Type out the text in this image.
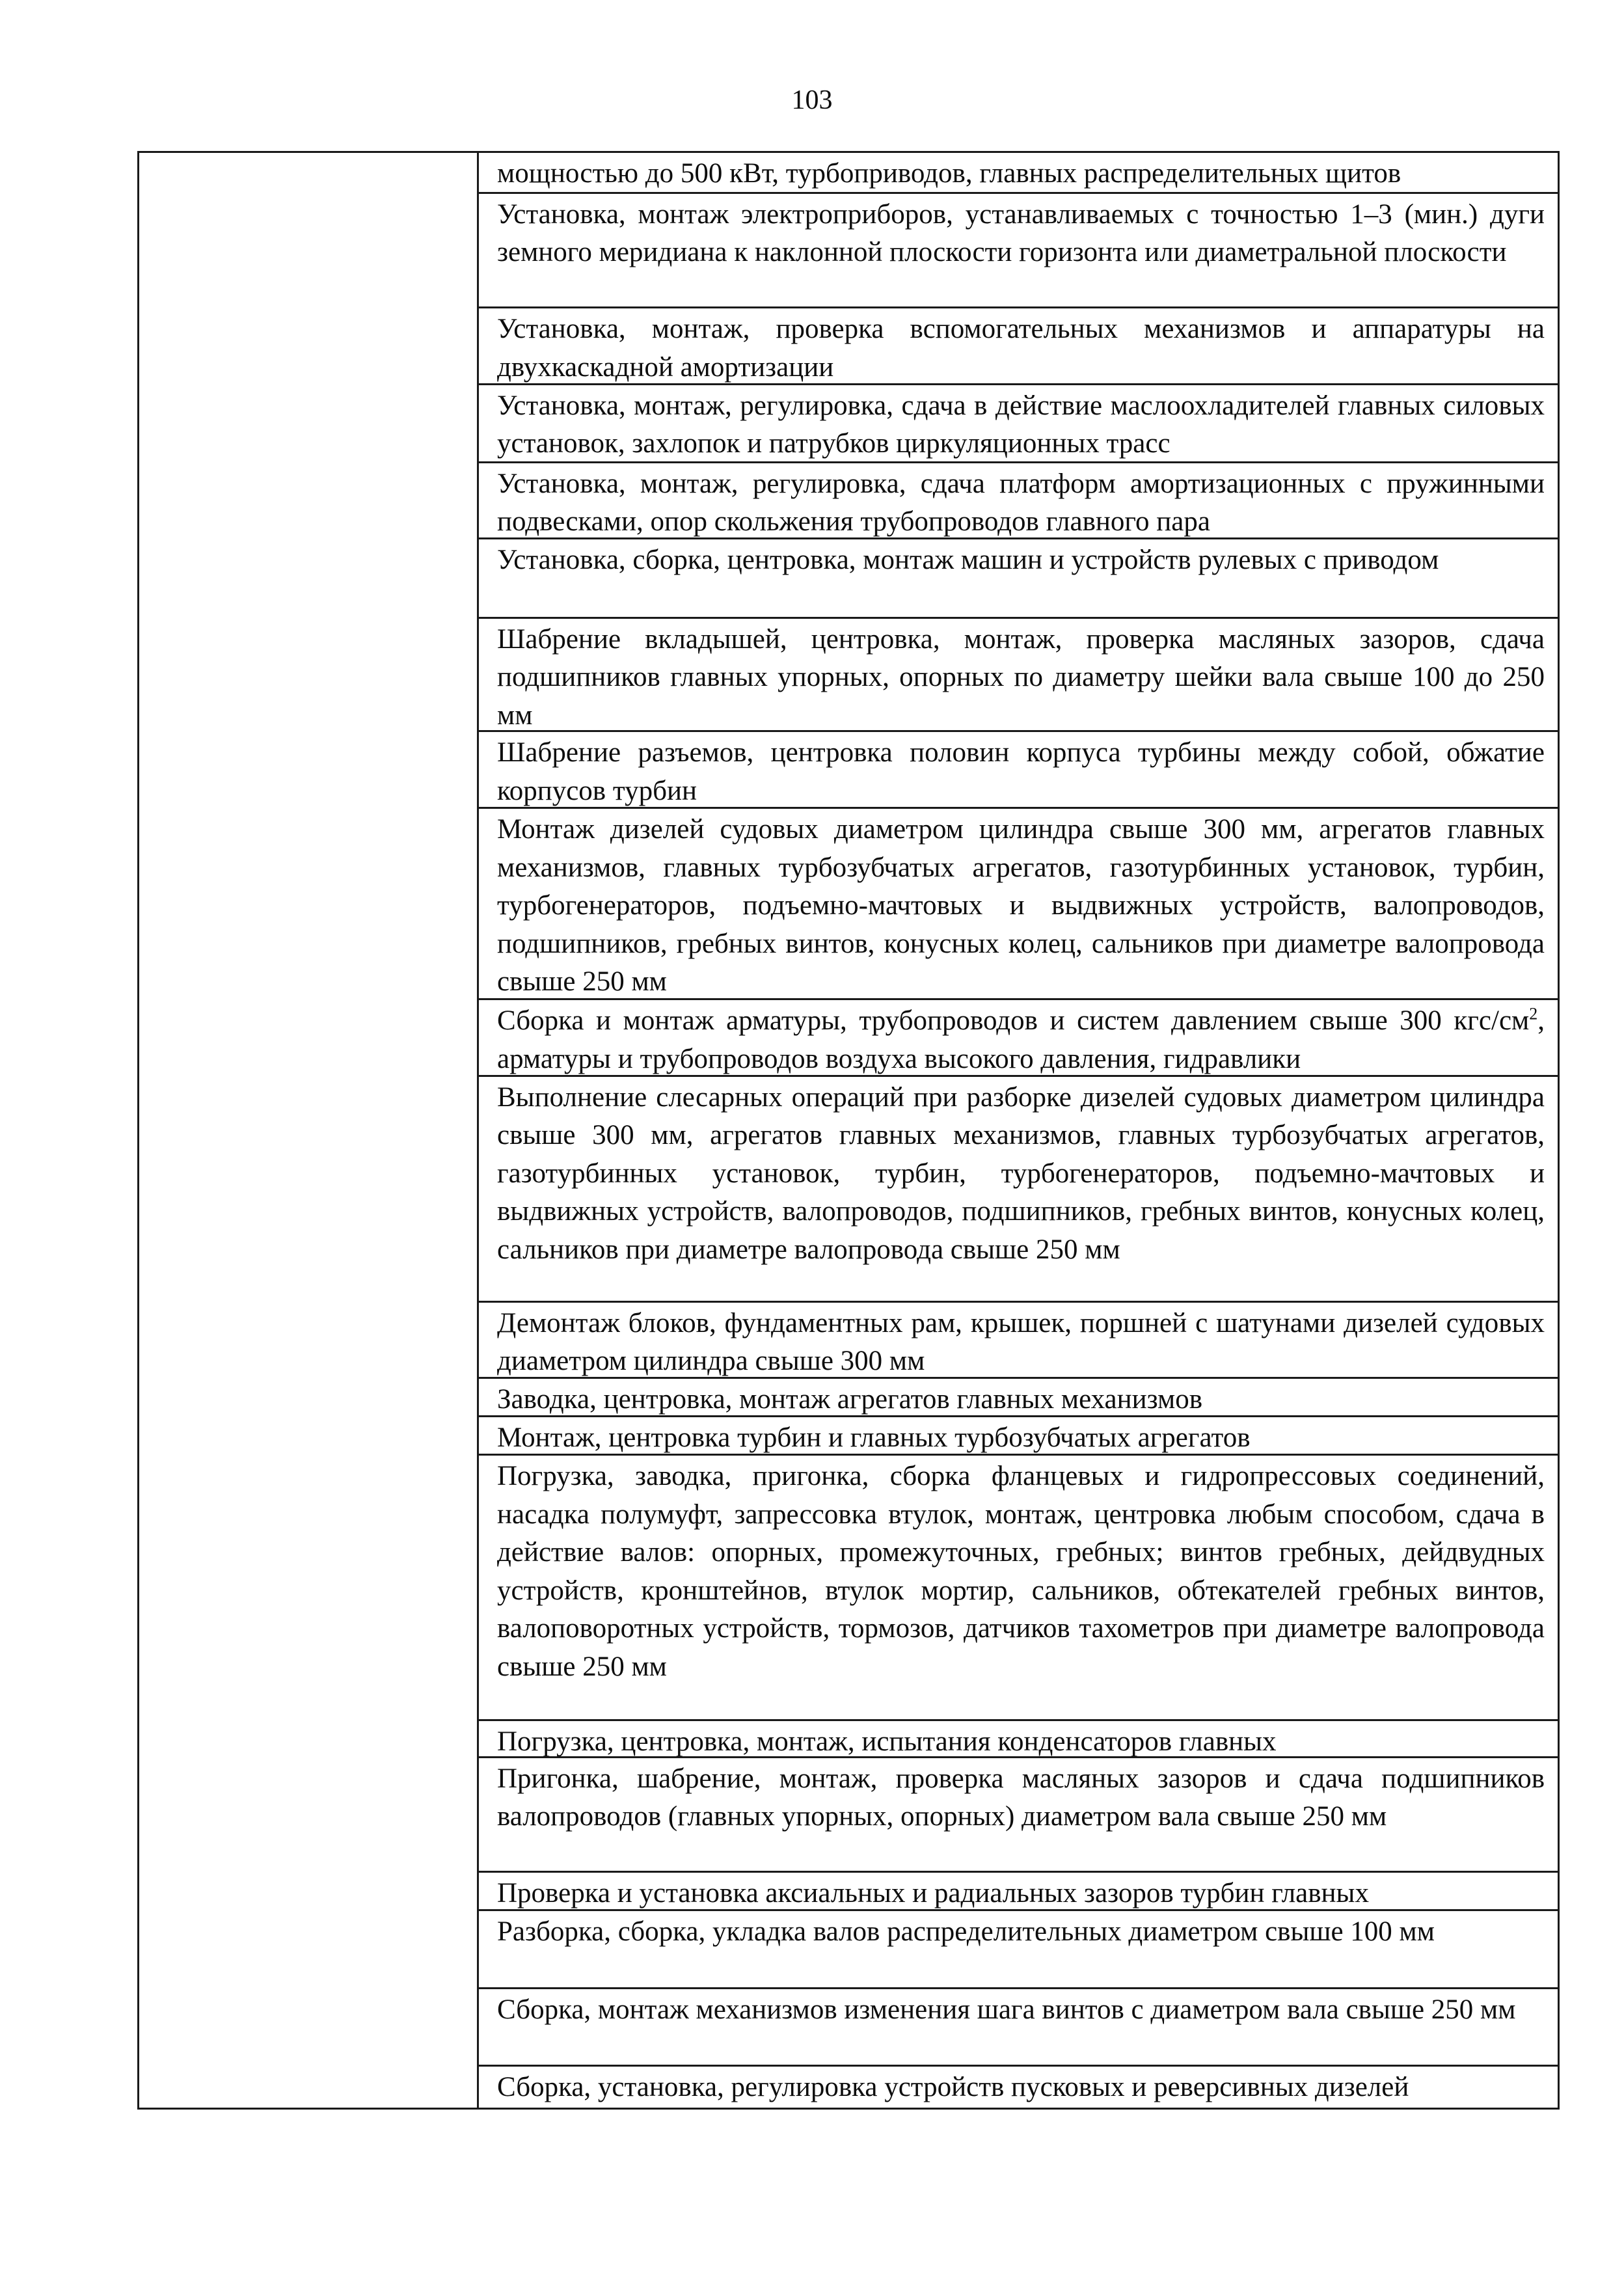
103
мощностью до 500 кВт, турбоприводов, главных распределительных щитов
Установка, монтаж электроприборов, устанавливаемых с точностью 1–3 (мин.) дуги земного меридиана к наклонной плоскости горизонта или диаметральной плоскости
Установка, монтаж, проверка вспомогательных механизмов и аппаратуры на двухкаскадной амортизации
Установка, монтаж, регулировка, сдача в действие маслоохладителей главных силовых установок, захлопок и патрубков циркуляционных трасс
Установка, монтаж, регулировка, сдача платформ амортизационных с пружинными подвесками, опор скольжения трубопроводов главного пара
Установка, сборка, центровка, монтаж машин и устройств рулевых с приводом
Шабрение вкладышей, центровка, монтаж, проверка масляных зазоров, сдача подшипников главных упорных, опорных по диаметру шейки вала свыше 100 до 250 мм
Шабрение разъемов, центровка половин корпуса турбины между собой, обжатие корпусов турбин
Монтаж дизелей судовых диаметром цилиндра свыше 300 мм, агрегатов главных механизмов, главных турбозубчатых агрегатов, газотурбинных установок, турбин, турбогенераторов, подъемно-мачтовых и выдвижных устройств, валопроводов, подшипников, гребных винтов, конусных колец, сальников при диаметре валопровода свыше 250 мм
Сборка и монтаж арматуры, трубопроводов и систем давлением свыше 300 кгс/$см^2$, арматуры и трубопроводов воздуха высокого давления, гидравлики
Выполнение слесарных операций при разборке дизелей судовых диаметром цилиндра свыше 300 мм, агрегатов главных механизмов, главных турбозубчатых агрегатов, газотурбинных установок, турбин, турбогенераторов, подъемно-мачтовых и выдвижных устройств, валопроводов, подшипников, гребных винтов, конусных колец, сальников при диаметре валопровода свыше 250 мм
Демонтаж блоков, фундаментных рам, крышек, поршней с шатунами дизелей судовых диаметром цилиндра свыше 300 мм
Заводка, центровка, монтаж агрегатов главных механизмов
Монтаж, центровка турбин и главных турбозубчатых агрегатов
Погрузка, заводка, пригонка, сборка фланцевых и гидропрессовых соединений, насадка полумуфт, запрессовка втулок, монтаж, центровка любым способом, сдача в действие валов: опорных, промежуточных, гребных; винтов гребных, дейдвудных устройств, кронштейнов, втулок мортир, сальников, обтекателей гребных винтов, валоповоротных устройств, тормозов, датчиков тахометров при диаметре валопровода свыше 250 мм
Погрузка, центровка, монтаж, испытания конденсаторов главных
Пригонка, шабрение, монтаж, проверка масляных зазоров и сдача подшипников валопроводов (главных упорных, опорных) диаметром вала свыше 250 мм
Проверка и установка аксиальных и радиальных зазоров турбин главных
Разборка, сборка, укладка валов распределительных диаметром свыше 100 мм
Сборка, монтаж механизмов изменения шага винтов с диаметром вала свыше 250 мм
Сборка, установка, регулировка устройств пусковых и реверсивных дизелей
